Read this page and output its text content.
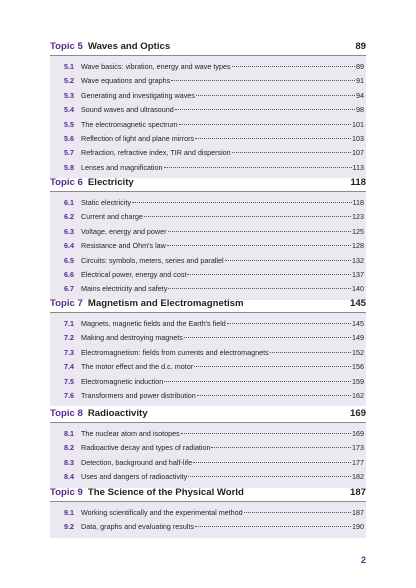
Topic 5 Waves and Optics	89
5.1 Wave basics: vibration, energy and wave types	89
5.2 Wave equations and graphs	91
5.3 Generating and investigating waves	94
5.4 Sound waves and ultrasound	98
5.5 The electromagnetic spectrum	101
5.6 Reflection of light and plane mirrors	103
5.7 Refraction, refractive index, TIR and dispersion	107
5.8 Lenses and magnification	113
Topic 6 Electricity	118
6.1 Static electricity	118
6.2 Current and charge	123
6.3 Voltage, energy and power	125
6.4 Resistance and Ohm's law	128
6.5 Circuits: symbols, meters, series and parallel	132
6.6 Electrical power, energy and cost	137
6.7 Mains electricity and safety	140
Topic 7 Magnetism and Electromagnetism	145
7.1 Magnets, magnetic fields and the Earth's field	145
7.2 Making and destroying magnets	149
7.3 Electromagnetism: fields from currents and electromagnets	152
7.4 The motor effect and the d.c. motor	156
7.5 Electromagnetic induction	159
7.6 Transformers and power distribution	162
Topic 8 Radioactivity	169
8.1 The nuclear atom and isotopes	169
8.2 Radioactive decay and types of radiation	173
8.3 Detection, background and half-life	177
8.4 Uses and dangers of radioactivity	182
Topic 9 The Science of the Physical World	187
9.1 Working scientifically and the experimental method	187
9.2 Data, graphs and evaluating results	190
2
